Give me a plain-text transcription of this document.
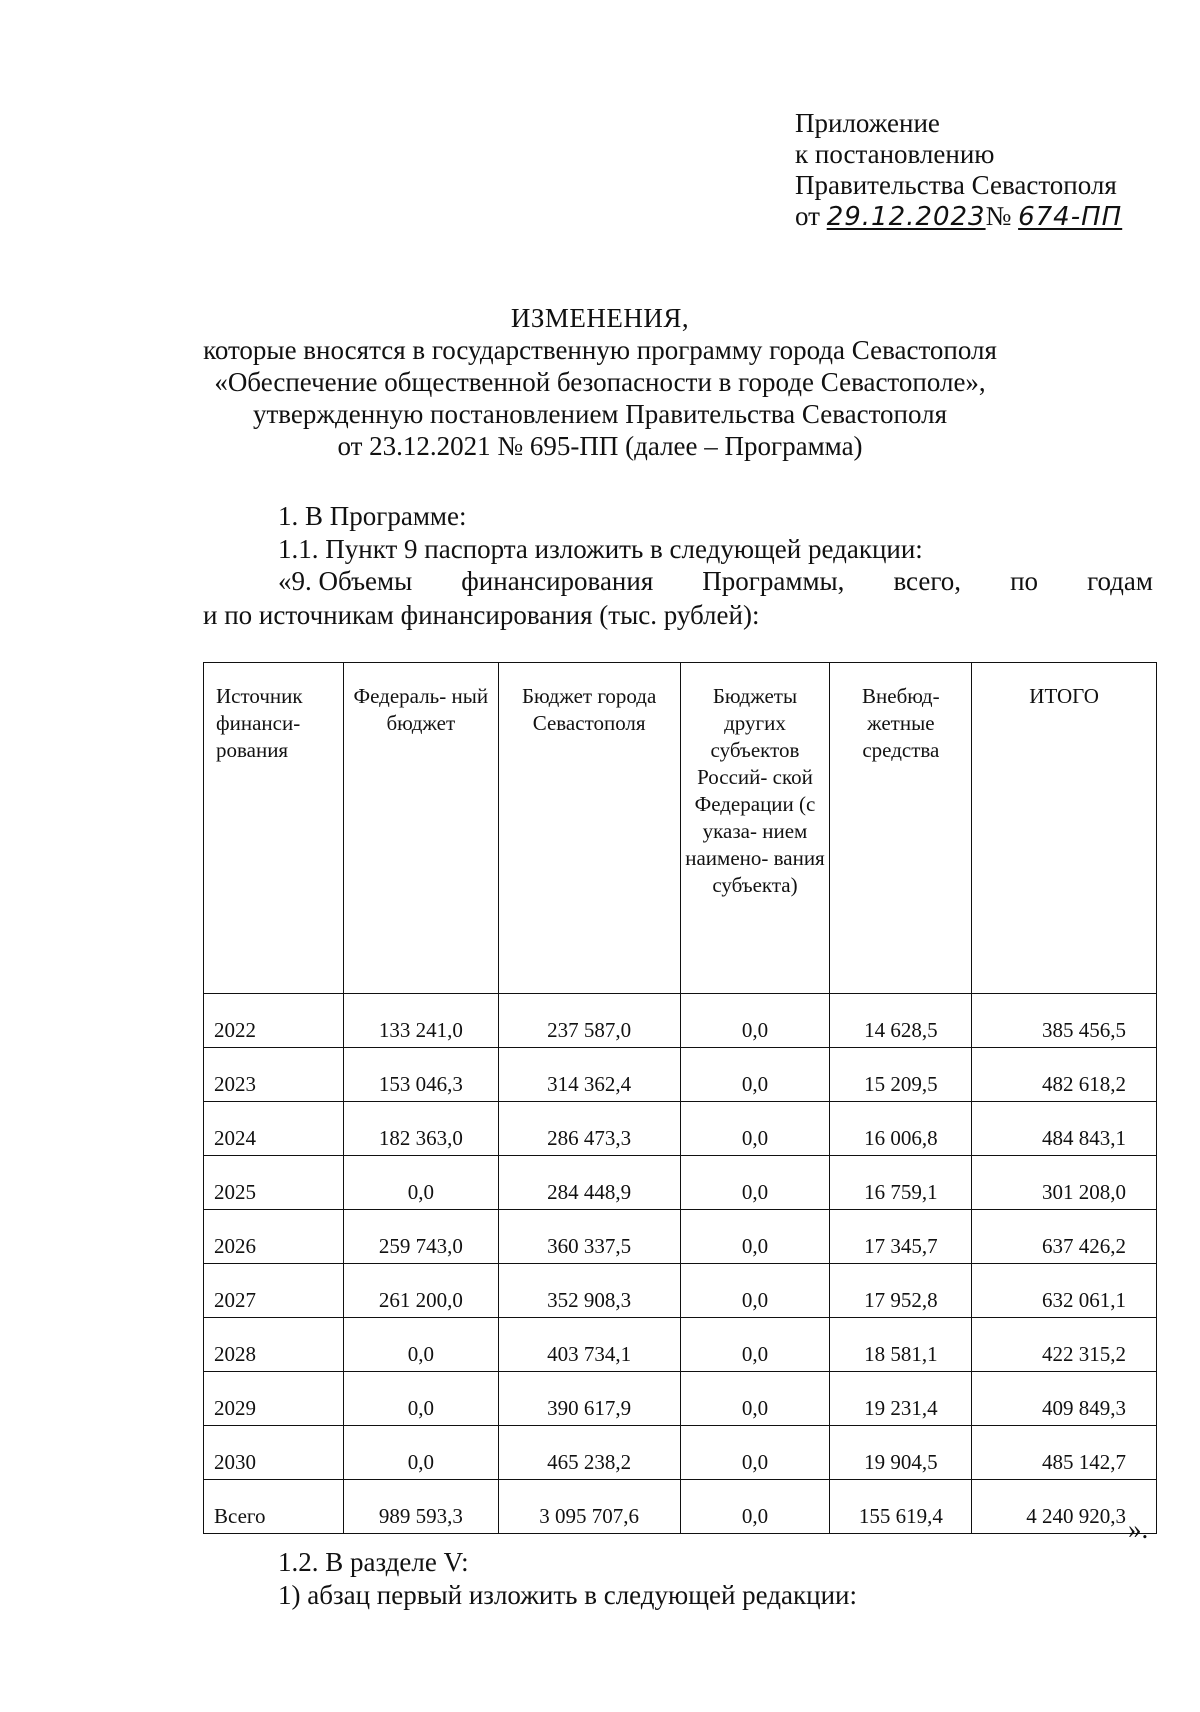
Приложение
к постановлению
Правительства Севастополя
от 29.12.2023№ 674-ПП
ИЗМЕНЕНИЯ,
которые вносятся в государственную программу города Севастополя
«Обеспечение общественной безопасности в городе Севастополе»,
утвержденную постановлением Правительства Севастополя
от 23.12.2021 № 695-ПП (далее – Программа)
1. В Программе:
1.1. Пункт 9 паспорта изложить в следующей редакции:
«9. Объемы финансирования Программы, всего, по годам
и по источникам финансирования (тыс. рублей):
Источник финанси- рования	Федераль- ный бюджет	Бюджет города Севастополя	Бюджеты других субъектов Россий- ской Федерации (с указа- нием наимено- вания субъекта)	Внебюд- жетные средства	ИТОГО
2022	133 241,0	237 587,0	0,0	14 628,5	385 456,5
2023	153 046,3	314 362,4	0,0	15 209,5	482 618,2
2024	182 363,0	286 473,3	0,0	16 006,8	484 843,1
2025	0,0	284 448,9	0,0	16 759,1	301 208,0
2026	259 743,0	360 337,5	0,0	17 345,7	637 426,2
2027	261 200,0	352 908,3	0,0	17 952,8	632 061,1
2028	0,0	403 734,1	0,0	18 581,1	422 315,2
2029	0,0	390 617,9	0,0	19 231,4	409 849,3
2030	0,0	465 238,2	0,0	19 904,5	485 142,7
Всего	989 593,3	3 095 707,6	0,0	155 619,4	4 240 920,3 ».
1.2. В разделе V:
1) абзац первый изложить в следующей редакции:
